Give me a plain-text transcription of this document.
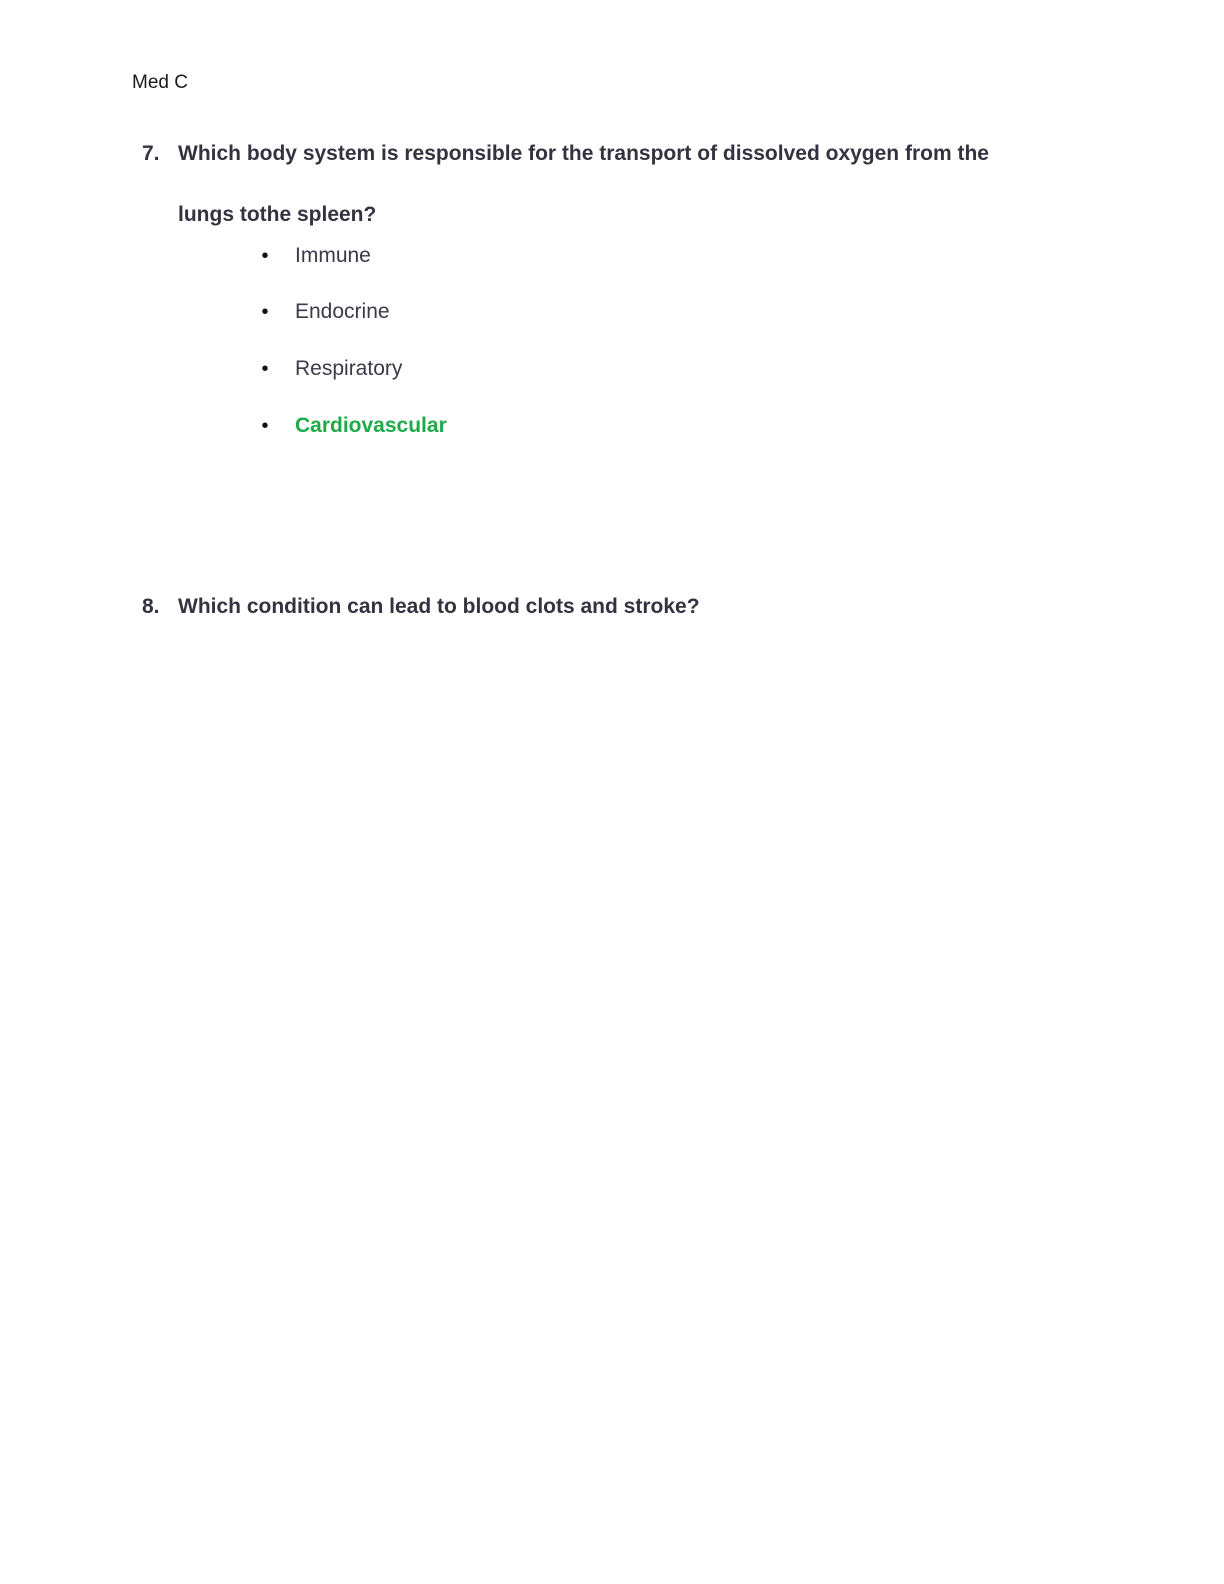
Med C
7. Which body system is responsible for the transport of dissolved oxygen from the
lungs tothe spleen?
• Immune
• Endocrine
• Respiratory
• Cardiovascular
8. Which condition can lead to blood clots and stroke?
